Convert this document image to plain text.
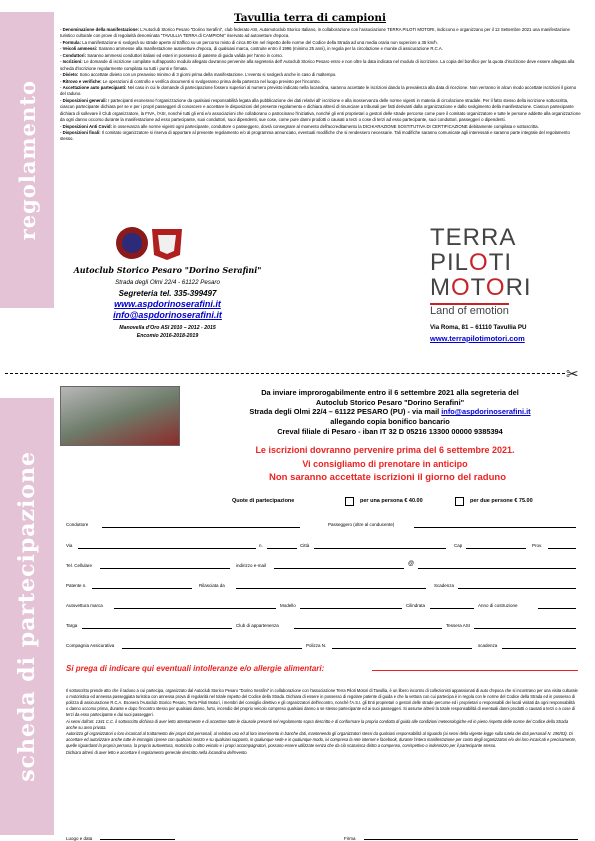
regolamento
scheda di partecipazione
Tavullia terra di campioni

- Denominazione della manifestazione: L'Autoclub Storico Pesaro "Dorino Serafini", club federato ASI, Automotoclub Storico Italiano, in collaborazione con l'associazione TERRA PILOTI MOTORI, indiccono e organizzano per il 12 Settembre 2021 una manifestazione turistico culturale con prove di regolarità denominata "TAVULLIA TERRA di CAMPIONI" riservato ad autovetture d'epoca.

- Formula: La manifestazione si svolgerà su strade aperte al traffico su un percorso misto di circa 80 km nel rispetto delle norme del Codice della Strada ad una media oraria non superiore a 35 km/h.

- Veicoli ammessi: Saranno ammesse alla manifestazione autovetture d'epoca, di qualsiasi marca, costruite entro il 1996 (minimo 25 anni), in regola per la circolazione e munite di assicurazione R.C.A.

- Conduttori: Saranno ammessi conduttori italiani ed esteri in possesso di patente di guida valida per l'anno in corso.

- Iscrizioni: Le domande di iscrizione compilate sull'apposito modulo allegato dovranno pervenire alla segreteria dell' Autoclub Storico Pesaro entro e non oltre la data indicata nel modulo di iscrizione. La copia del bonifico per la quota d'iscrizione deve essere allegata alla scheda d'iscrizione regolarmente compilata su tutti i punti e firmata.

- Divieto: Sono accettate divieto con un preavviso minimo di 3 giorni prima della manifestazione. L'evento si svolgerà anche in caso di maltempo.

- Ritrovo e verifiche: Le operazioni di controllo e verifica documenti si svolgeranno prima della partenza nel luogo previsto per l'incontro.

- Accettazione auto partecipanti: Nel caso in cui le domande di partecipazione fossero superiori al numero previsto indicato nella locandina, saranno accettate le iscrizioni dando la prevalenza alla data di ricezione. Non verranno in alcun modo accettate iscrizioni il giorno del raduno.

- Disposizioni generali: I partecipanti esonerano l'organizzazione da qualsiasi responsabilità legata alla pubblicazione dei dati relativi all' iscrizione e alla inosservanza delle norme vigenti in materia di circolazione stradale. Per il fatto stesso della iscrizione sottoscritta, ciascun partecipante dichiara per se e per i propri passeggeri di conoscere e accettare le disposizioni del presente regolamento e dichiara altresì di rinunciare a tribunali per fatti derivanti dalla organizzazione e dallo svolgimento della manifestazione. Ciascun partecipante dichiara di sollevare il Club organizzatore, la FIVA, l'ASI, nonché tutti gli enti e/o associazioni che collaborano o patrocinano l'iniziativa, nonché gli enti proprietari o gestori delle strade percorse come pure il comitato organizzatore e tutte le persone addette alla organizzazione da ogni danno occorso durante la manifestazione ad esso partecipante, suoi conduttori, suoi dipendenti, sue cose, come pure danni prodotti o causati a terzi o cose di terzi ad esso partecipante, suoi conduttori, passeggeri o dipendenti.

- Disposizioni Anti Covid: in osservanza alle norme vigenti ogni partecipante, conduttore o passeggero, dovrà consegnare al momento dell'accreditamento la DICHIARAZIONE SOSTITUTIVA DI CERTIFICAZIONE debitamente compilata e sottoscritta.

- Disposizioni finali: Il comitato organizzatore si riserva di apportare al presente regolamento e/o al programma annunciato, eventuali modifiche che si rendessero necessarie. Tali modifiche saranno comunicate agli interessati e saranno parte integrale del regolamento stesso.

Autoclub Storico Pesaro "Dorino Serafini"
Strada degli Olmi 22/4 - 61122 Pesaro
Segreteria tel. 335-399497
www.aspdorinoserafini.it
info@aspdorinoserafini.it
Manovella d'Oro ASI 2010 – 2012 - 2015
Encomio 2016-2018-2019
TERRA
PILOTI
MOTORI
Land of emotion
Via Roma, 81 – 61110 Tavullia PU
www.terrapilotimotori.com
✂
Da inviare improrogabilmente entro il 6 settembre 2021 alla segreteria del
Autoclub Storico Pesaro "Dorino Serafini"
Strada degli Olmi 22/4 – 61122 PESARO (PU) - via mail info@aspdorinoserafini.it
allegando copia bonifico bancario
Creval filiale di Pesaro - iban IT 32 D 05216 13300 00000 9385394
Le iscrizioni dovranno pervenire prima del 6 settembre 2021.
Vi consigliamo di prenotare in anticipo
Non saranno accettate iscrizioni il giorno del raduno
Quote di partecipazione	per una persona € 40.00	per due persone € 75.00
Conduttore	Passeggero (oltre al conducente)
Via	n.	Città	Cap	Prov.
Tel. Cellulare	indirizzo e-mail	@
Patente n.	Rilasciata da	Scadenza
Autovettura marca	Modello	Cilindrata	Anno di costruzione
Targa	Club di appartenenza	Tessera ASI
Compagnia Assicurativa	Polizza N.	scadenza
Si prega di indicare qui eventuali intolleranze e/o allergie alimentari:

Il sottoscritto prende atto che il raduno a cui partecipa, organizzato dal Autoclub Storico Pesaro "Dorino Serafini" in collaborazione con l'associazione Terra Piloti Motori di Tavullia, è un libero incontro di collezionisti appassionati di auto d'epoca che si incontrano per una visita culturale o motoristica ed annessa passeggiata turistica con annessa prova di regolarità nel totale rispetto del Codice della Strada. Dichiara di essere in possesso di regolare patente di guida e che la vettura con cui partecipa è in regola con le norme del Codice della Strada ed in possesso di polizza di assicurazione R.C.A. Esonera l'Autoclub Storico Pesaro, Terra Piloti Motori, i membri del consiglio direttivo e gli organizzatori dell'incontro, nonché l'A.S.I. gli Enti proprietari o gestori delle strade percorse ed i proprietari o responsabili dei locali visitati da ogni responsabilità o danno occorso prima, durante e dopo l'incontro stesso per qualsiasi danno, furto, incendio del proprio veicolo compreso qualsiasi danno a se stesso partecipante ed ai suoi passeggeri. Si assume altresì la totale responsabilità di eventuali danni prodotti o causati a terzi o a cose di terzi da esso partecipante e dai suoi passeggeri.

Ai sensi dall'art. 1341 C.C. il sottoscritto dichiara di aver letto attentamente e di accettare tutte le clausole presenti nel regolamento sopra descritto e di conformare la propria condotta di guida alle condizioni meteorologiche ed in pieno rispetto delle norme del Codice della Strada anche su area privata.

Autorizza gli organizzatori o loro incaricati al trattamento dei propri dati personali, al relativo uso ed al loro inserimento in banche dati, mantenendo gli organizzatori stessi da qualsiasi responsabilità al riguardo (ai sensi della vigente legge sulla tutela dei dati personali N. 196/03). Di accettare ed autorizzare anche tutte le immagini riprese con qualsiasi mezzo e su qualsiasi supporto, in qualunque sede e in qualunque modo, ivi compresa la rete internet e facebook, durante l'intera manifestazione per conto degli organizzatori e/o dei loro incaricati e precisamente, quelle riguardanti la propria persona, la propria autovettura, motociclo o altro veicolo e i propri accompagnatori, possano essere utilizzate senza che da ciò scaturisca diritto a compenso, corrispettivo o indennizzo per il partecipante stesso.

Dichiara altresì di aver letto e accettare il regolamento generale descritto nella locandina dell'evento.

Luogo e data	Firma
